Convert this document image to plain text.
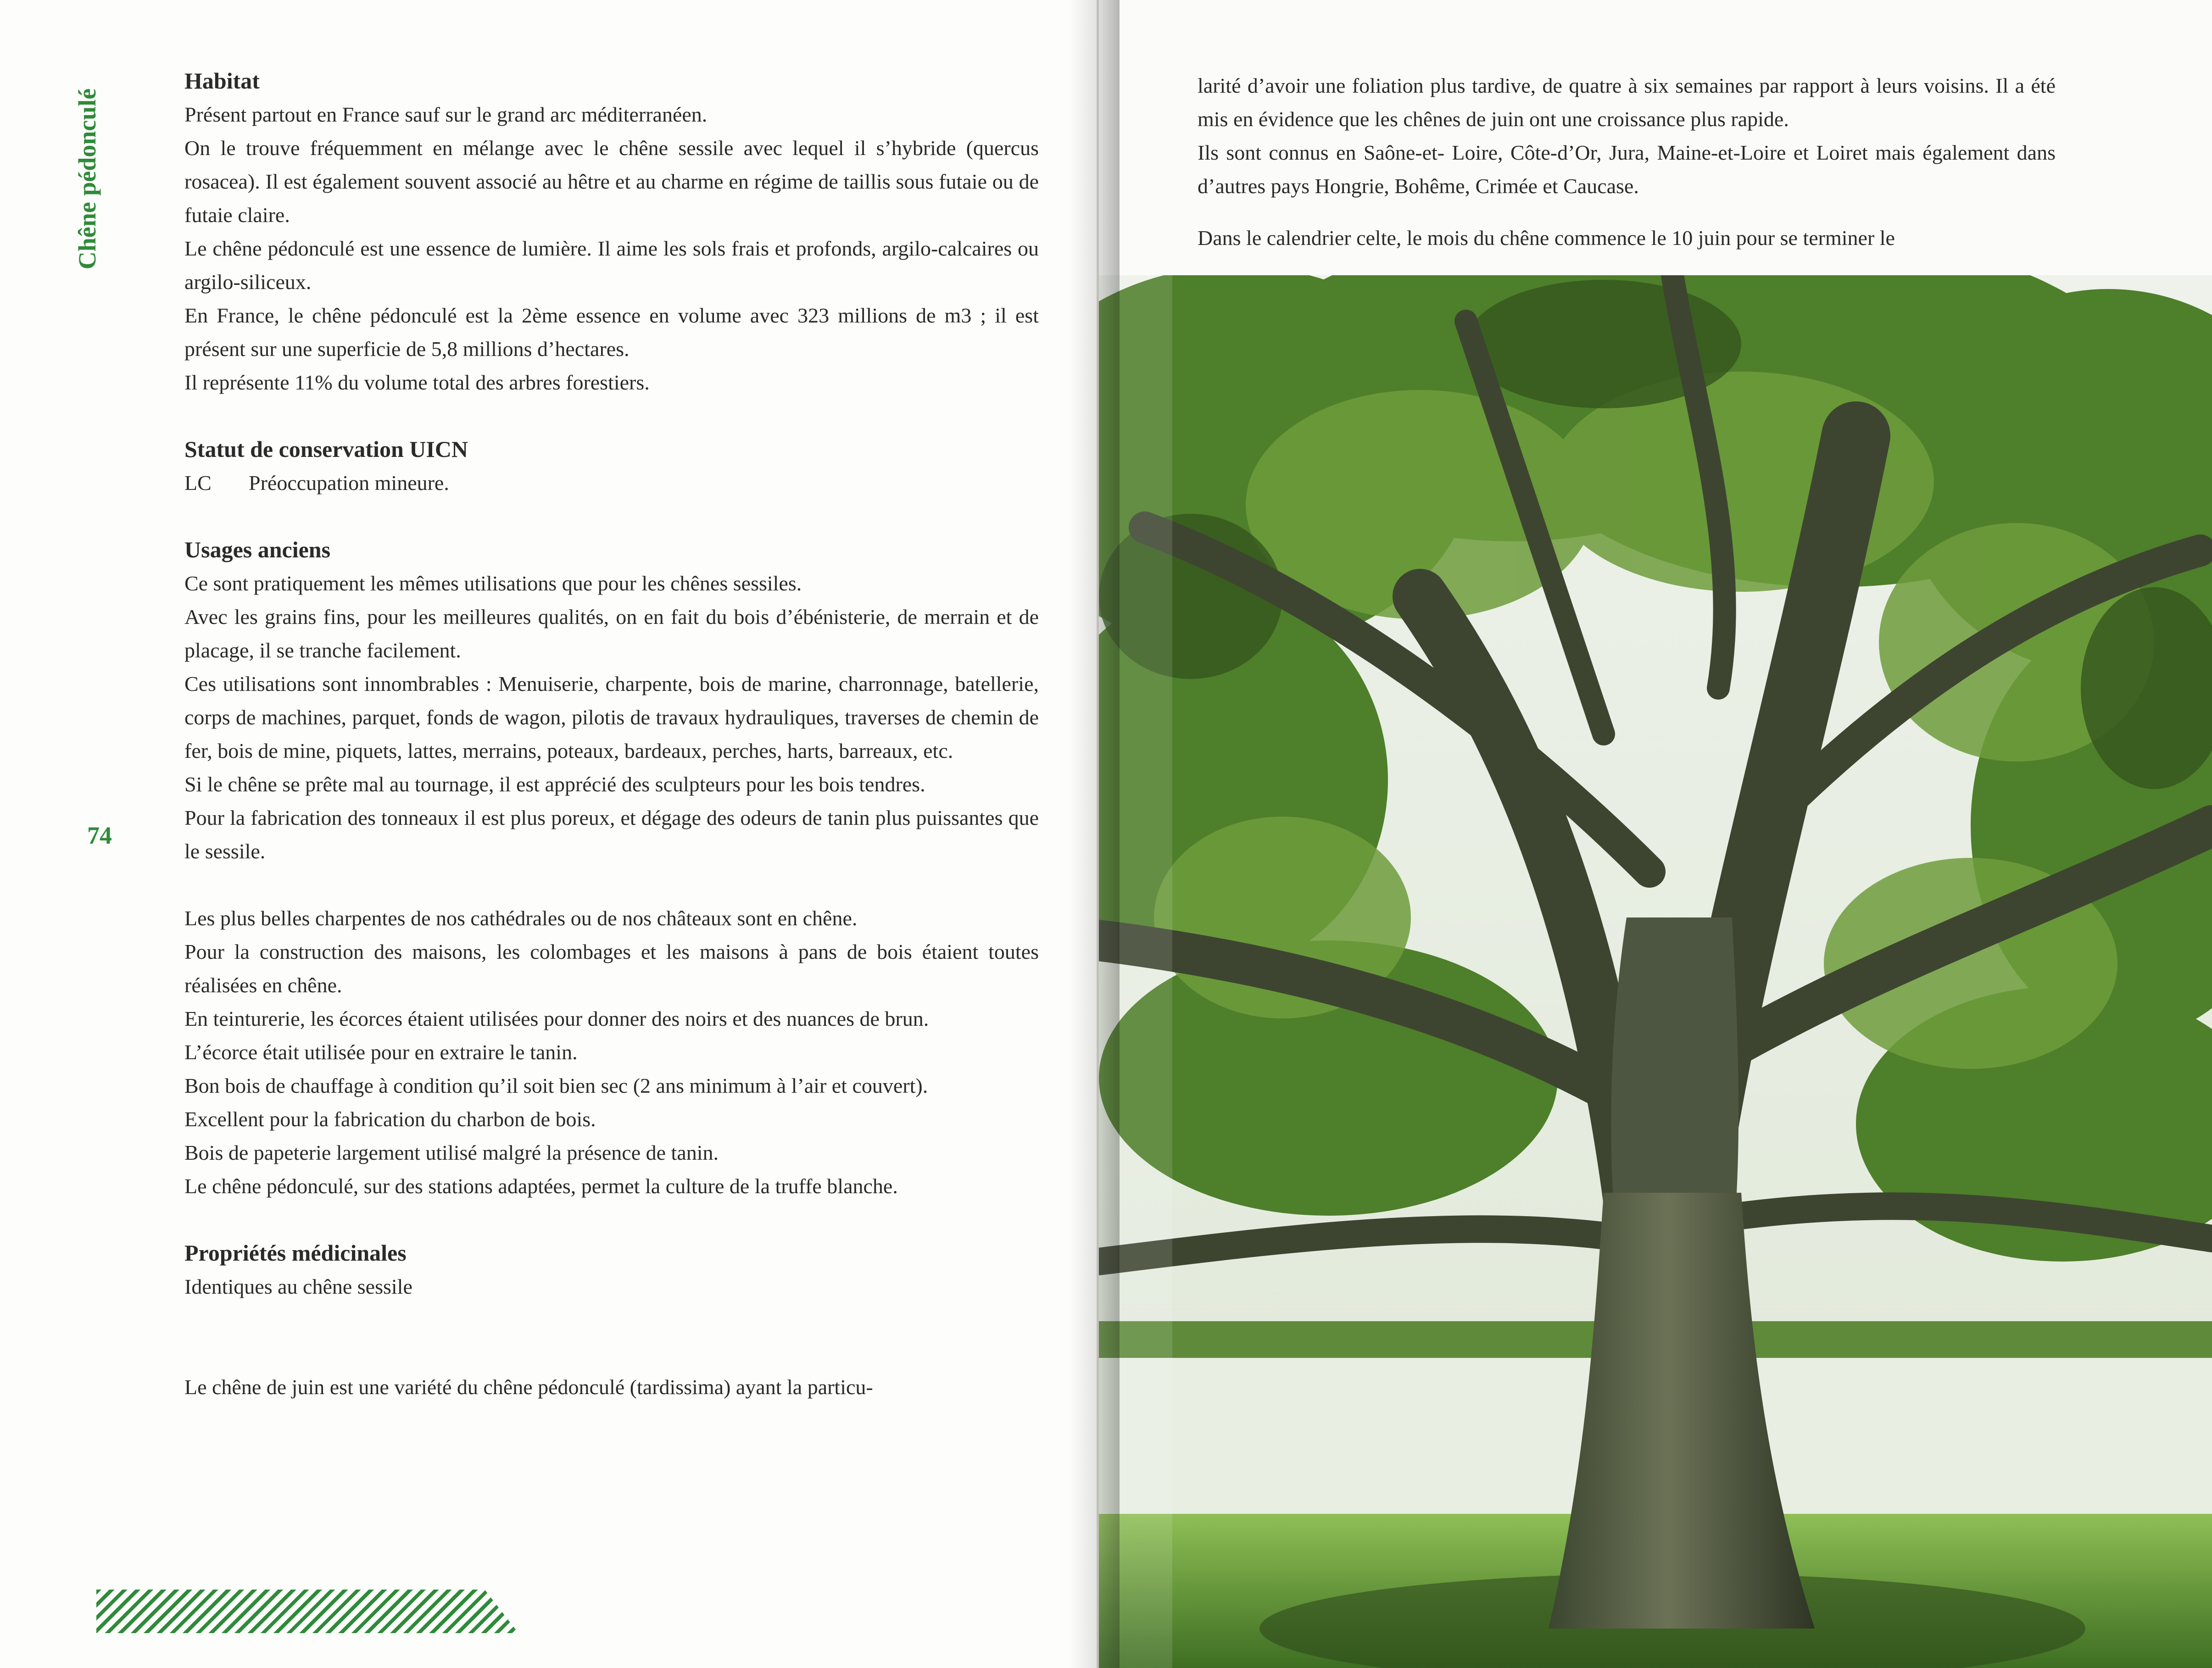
Chêne pédonculé
74
Habitat

Présent partout en France sauf sur le grand arc méditerranéen.

On le trouve fréquemment en mélange avec le chêne sessile avec lequel il s’hybride (quercus rosacea). Il est également souvent associé au hêtre et au charme en régime de taillis sous futaie ou de futaie claire.

Le chêne pédonculé est une essence de lumière. Il aime les sols frais et profonds, argilo-calcaires ou argilo-siliceux.

En France, le chêne pédonculé est la 2ème essence en volume avec 323 millions de m3 ; il est présent sur une superficie de 5,8 millions d’hectares.

Il représente 11% du volume total des arbres forestiers.

Statut de conservation UICN

LC Préoccupation mineure.

Usages anciens

Ce sont pratiquement les mêmes utilisations que pour les chênes sessiles.

Avec les grains fins, pour les meilleures qualités, on en fait du bois d’ébénisterie, de merrain et de placage, il se tranche facilement.

Ces utilisations sont innombrables : Menuiserie, charpente, bois de marine, charronnage, batellerie, corps de machines, parquet, fonds de wagon, pilotis de travaux hydrauliques, traverses de chemin de fer, bois de mine, piquets, lattes, merrains, poteaux, bardeaux, perches, harts, barreaux, etc.

Si le chêne se prête mal au tournage, il est apprécié des sculpteurs pour les bois tendres.

Pour la fabrication des tonneaux il est plus poreux, et dégage des odeurs de tanin plus puissantes que le sessile.

Les plus belles charpentes de nos cathédrales ou de nos châteaux sont en chêne.

Pour la construction des maisons, les colombages et les maisons à pans de bois étaient toutes réalisées en chêne.

En teinturerie, les écorces étaient utilisées pour donner des noirs et des nuances de brun.

L’écorce était utilisée pour en extraire le tanin.

Bon bois de chauffage à condition qu’il soit bien sec (2 ans minimum à l’air et couvert).

Excellent pour la fabrication du charbon de bois.

Bois de papeterie largement utilisé malgré la présence de tanin.

Le chêne pédonculé, sur des stations adaptées, permet la culture de la truffe blanche.

Propriétés médicinales

Identiques au chêne sessile

Le chêne de juin est une variété du chêne pédonculé (tardissima) ayant la particu-

larité d’avoir une foliation plus tardive, de quatre à six semaines par rapport à leurs voisins. Il a été mis en évidence que les chênes de juin ont une croissance plus rapide.

Ils sont connus en Saône-et- Loire, Côte-d’Or, Jura, Maine-et-Loire et Loiret mais également dans d’autres pays Hongrie, Bohême, Crimée et Caucase.

Dans le calendrier celte, le mois du chêne commence le 10 juin pour se terminer le
